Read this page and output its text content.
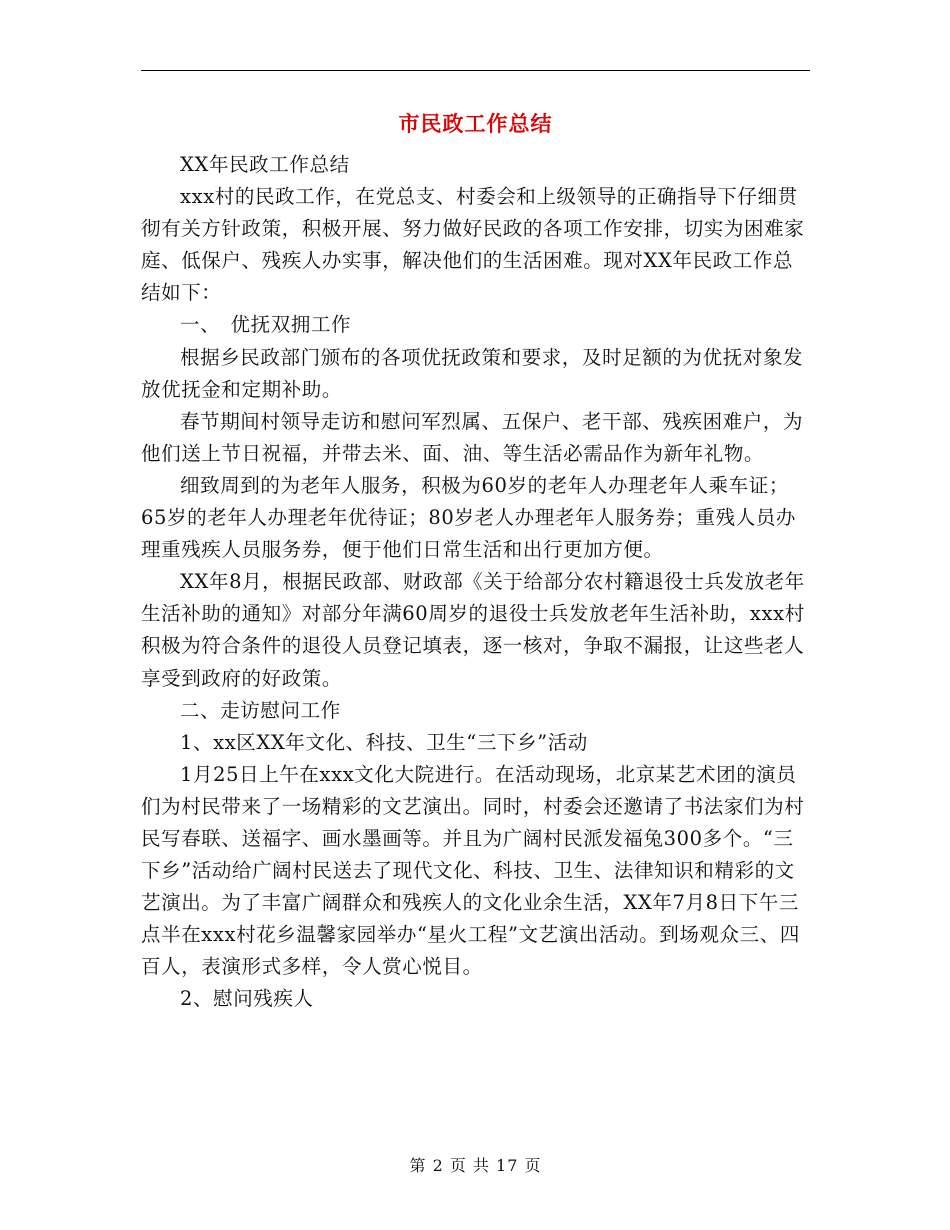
市民政工作总结

XX年民政工作总结

xxx村的民政工作，在党总支、村委会和上级领导的正确指导下仔细贯彻有关方针政策，积极开展、努力做好民政的各项工作安排，切实为困难家庭、低保户、残疾人办实事，解决他们的生活困难。现对XX年民政工作总结如下：

一、　优抚双拥工作

根据乡民政部门颁布的各项优抚政策和要求，及时足额的为优抚对象发放优抚金和定期补助。

春节期间村领导走访和慰问军烈属、五保户、老干部、残疾困难户，为他们送上节日祝福，并带去米、面、油、等生活必需品作为新年礼物。

细致周到的为老年人服务，积极为60岁的老年人办理老年人乘车证；65岁的老年人办理老年优待证；80岁老人办理老年人服务券；重残人员办理重残疾人员服务券，便于他们日常生活和出行更加方便。

XX年8月，根据民政部、财政部《关于给部分农村籍退役士兵发放老年生活补助的通知》对部分年满60周岁的退役士兵发放老年生活补助，xxx村积极为符合条件的退役人员登记填表，逐一核对，争取不漏报，让这些老人享受到政府的好政策。

二、走访慰问工作

1、xx区XX年文化、科技、卫生“三下乡”活动

1月25日上午在xxx文化大院进行。在活动现场，北京某艺术团的演员们为村民带来了一场精彩的文艺演出。同时，村委会还邀请了书法家们为村民写春联、送福字、画水墨画等。并且为广阔村民派发福兔300多个。“三下乡”活动给广阔村民送去了现代文化、科技、卫生、法律知识和精彩的文艺演出。为了丰富广阔群众和残疾人的文化业余生活，XX年7月8日下午三点半在xxx村花乡温馨家园举办“星火工程”文艺演出活动。到场观众三、四百人，表演形式多样，令人赏心悦目。

2、慰问残疾人

第 2 页 共 17 页
